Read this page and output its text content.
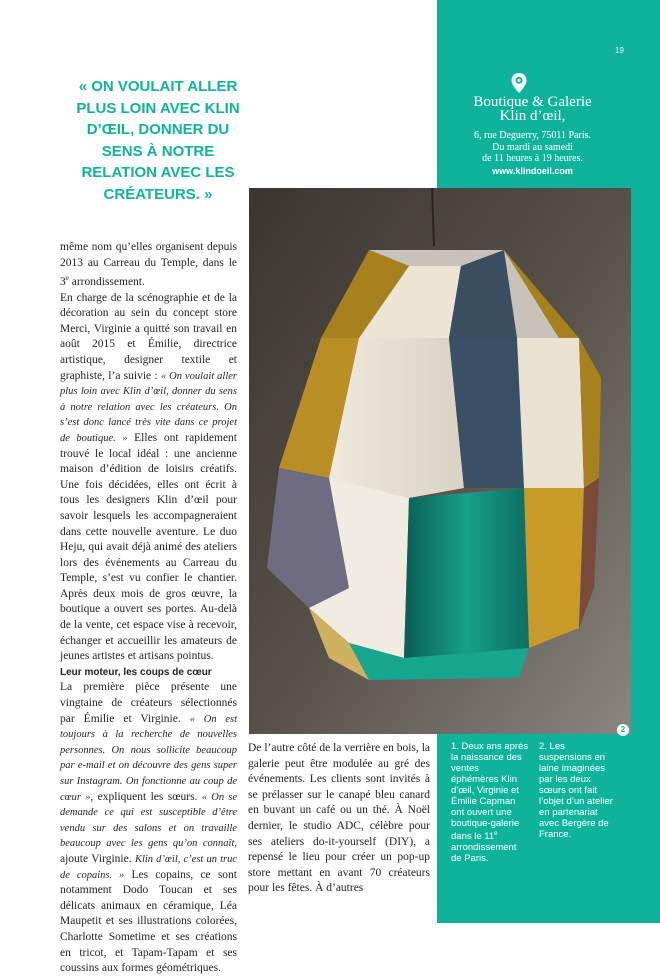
19
Boutique & Galerie
Klin d’œil,
6, rue Deguerry, 75011 Paris.
Du mardi au samedi
de 11 heures à 19 heures.
www.klindoeil.com
« ON VOULAIT ALLER PLUS LOIN AVEC KLIN D’ŒIL, DONNER DU SENS À NOTRE RELATION AVEC LES CRÉATEURS. »
2

même nom qu’elles organisent depuis 2013 au Carreau du Temple, dans le 3e arrondissement.

En charge de la scénographie et de la décoration au sein du concept store Merci, Virginie a quitté son travail en août 2015 et Émilie, directrice artistique, designer textile et graphiste, l’a suivie : « On voulait aller plus loin avec Klin d’œil, donner du sens à notre relation avec les créateurs. On s’est donc lancé très vite dans ce projet de boutique. » Elles ont rapidement trouvé le local idéal : une ancienne maison d’édition de loisirs créatifs. Une fois décidées, elles ont écrit à tous les designers Klin d’œil pour savoir lesquels les accompagneraient dans cette nouvelle aventure. Le duo Heju, qui avait déjà animé des ateliers lors des événements au Carreau du Temple, s’est vu confier le chantier. Après deux mois de gros œuvre, la boutique a ouvert ses portes. Au-delà de la vente, cet espace vise à recevoir, échanger et accueillir les amateurs de jeunes artistes et artisans pointus.

Leur moteur, les coups de cœur

La première pièce présente une vingtaine de créateurs sélectionnés par Émilie et Virginie. « On est toujours à la recherche de nouvelles personnes. On nous sollicite beaucoup par e-mail et on découvre des gens super sur Instagram. On fonctionne au coup de cœur », expliquent les sœurs. « On se demande ce qui est susceptible d’être vendu sur des salons et on travaille beaucoup avec les gens qu’on connaît, ajoute Virginie. Klin d’œil, c’est un truc de copains. » Les copains, ce sont notamment Dodo Toucan et ses délicats animaux en céramique, Léa Maupetit et ses illustrations colorées, Charlotte Sometime et ses créations en tricot, et Tapam-Tapam et ses coussins aux formes géométriques.

De l’autre côté de la verrière en bois, la galerie peut être modulée au gré des événements. Les clients sont invités à se prélasser sur le canapé bleu canard en buvant un café ou un thé. À Noël dernier, le studio ADC, célèbre pour ses ateliers do-it-yourself (DIY), a repensé le lieu pour créer un pop-up store mettant en avant 70 créateurs pour les fêtes. À d’autres

1. Deux ans après la naissance des ventes éphémères Klin d’œil, Virginie et Émilie Capman ont ouvert une boutique-galerie dans le 11e arrondissement de Paris.
2. Les suspensions en laine imaginées par les deux sœurs ont fait l’objet d’un atelier en partenariat avec Bergère de France.
